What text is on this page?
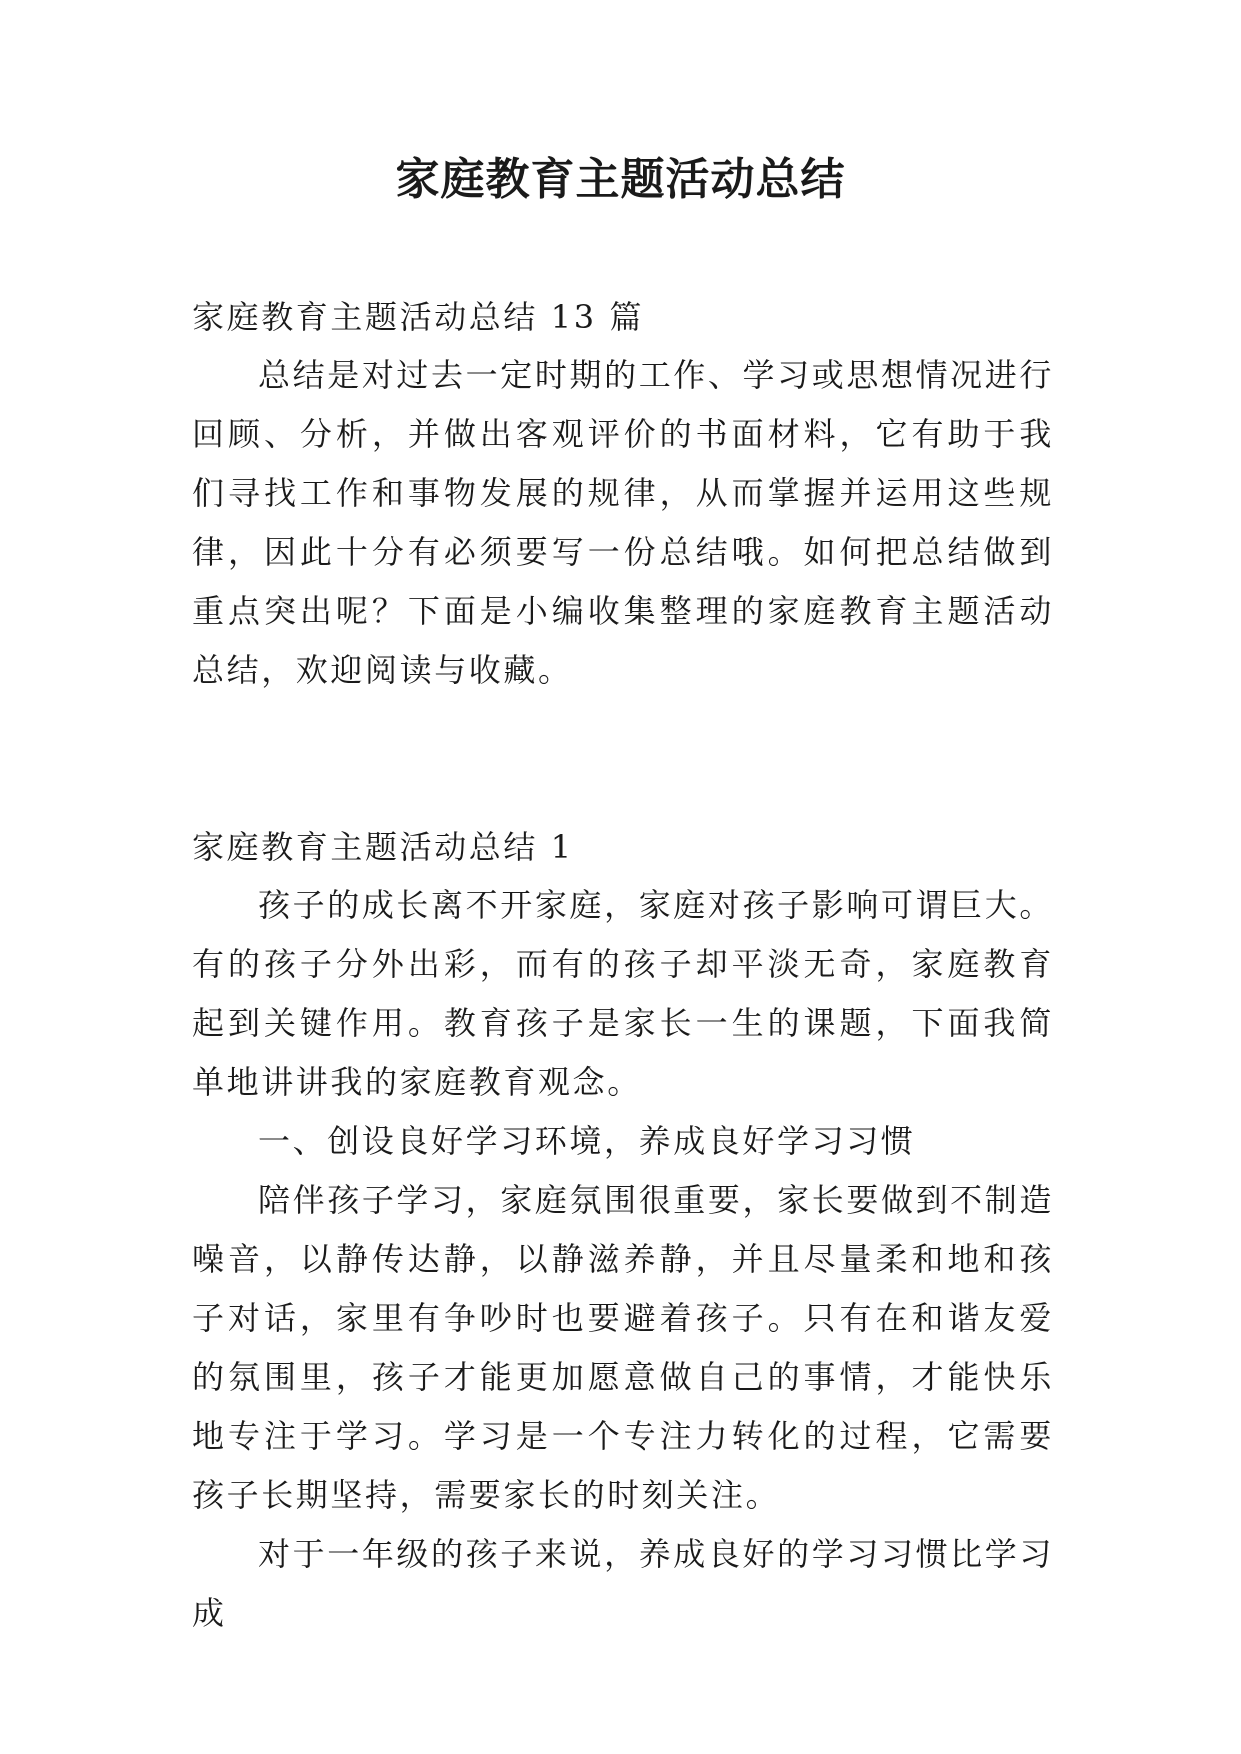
家庭教育主题活动总结

家庭教育主题活动总结 13 篇

总结是对过去一定时期的工作、学习或思想情况进行回顾、分析，并做出客观评价的书面材料，它有助于我们寻找工作和事物发展的规律，从而掌握并运用这些规律，因此十分有必须要写一份总结哦。如何把总结做到重点突出呢？下面是小编收集整理的家庭教育主题活动总结，欢迎阅读与收藏。

家庭教育主题活动总结 1

孩子的成长离不开家庭，家庭对孩子影响可谓巨大。有的孩子分外出彩，而有的孩子却平淡无奇，家庭教育起到关键作用。教育孩子是家长一生的课题，下面我简单地讲讲我的家庭教育观念。

一、创设良好学习环境，养成良好学习习惯

陪伴孩子学习，家庭氛围很重要，家长要做到不制造噪音，以静传达静，以静滋养静，并且尽量柔和地和孩子对话，家里有争吵时也要避着孩子。只有在和谐友爱的氛围里，孩子才能更加愿意做自己的事情，才能快乐地专注于学习。学习是一个专注力转化的过程，它需要孩子长期坚持，需要家长的时刻关注。

对于一年级的孩子来说，养成良好的学习习惯比学习成
